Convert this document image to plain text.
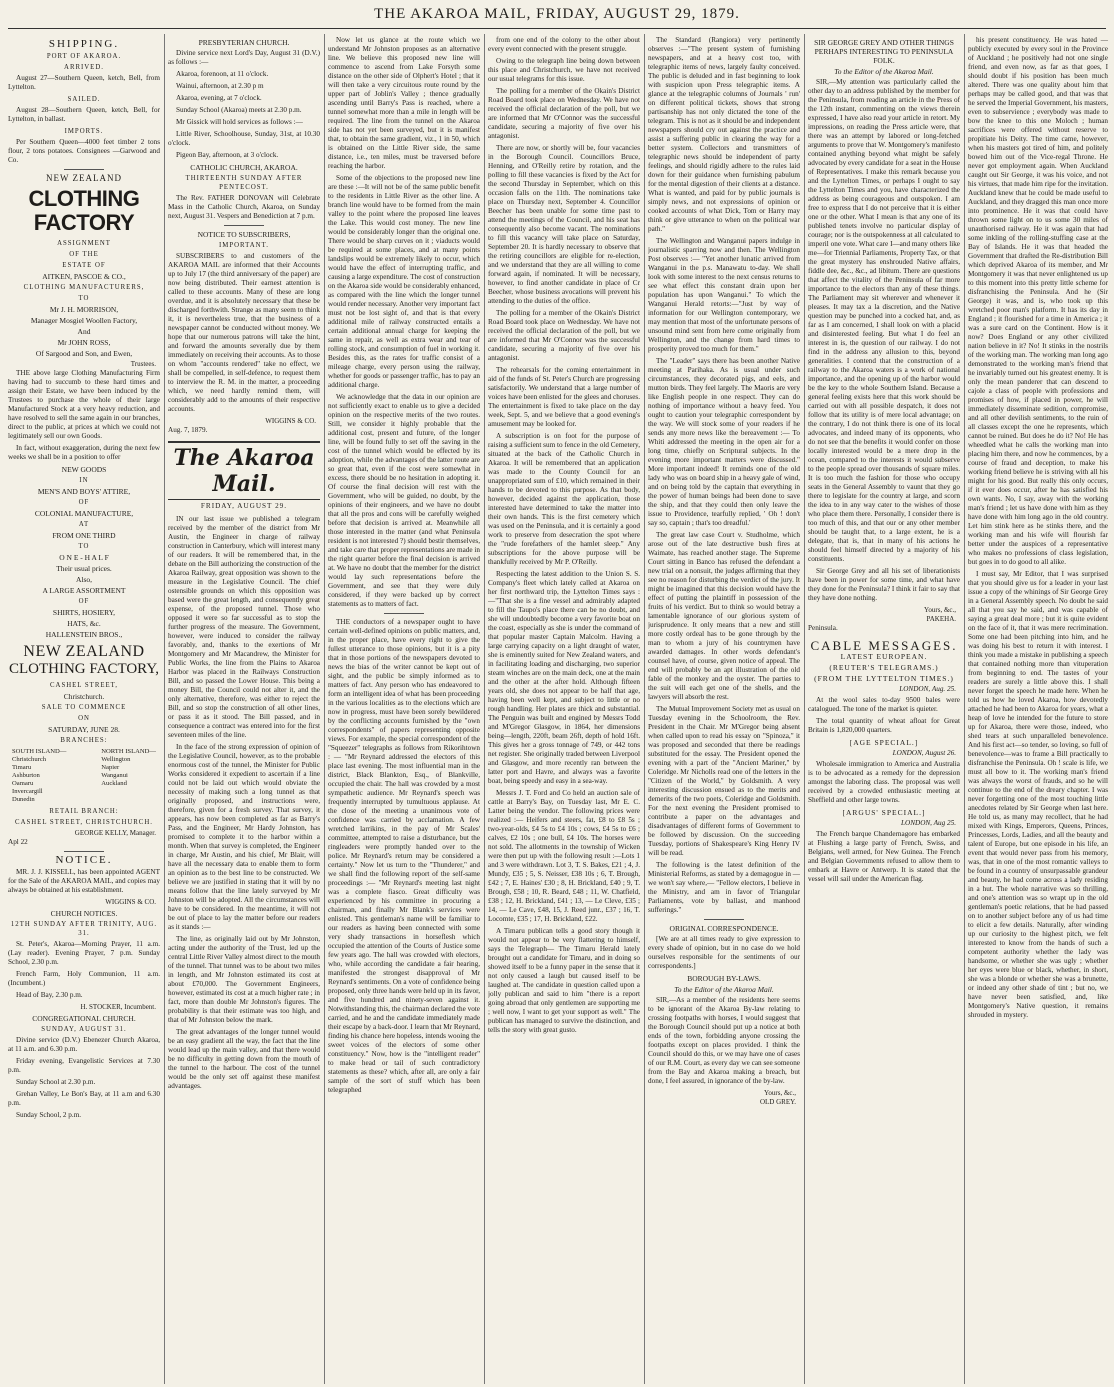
THE AKAROA MAIL, FRIDAY, AUGUST 29, 1879.
SHIPPING.
PORT OF AKAROA.
ARRIVED.

August 27—Southern Queen, ketch, Bell, from Lyttelton.

SAILED.

August 28—Southern Queen, ketch, Bell, for Lyttelton, in ballast.

IMPORTS.

Per Southern Queen—4000 feet timber 2 tons flour, 2 tons potatoes. Consignees —Garwood and Co.

NEW ZEALAND
CLOTHING FACTORY
ASSIGNMENT
OF THE
ESTATE OF
AITKEN, PASCOE & CO.,
CLOTHING MANUFACTURERS,
TO
Mr J. H. MORRISON,
Manager Mosgiel Woollen Factory,
And
Mr JOHN ROSS,
Of Sargood and Son, and Ewen,
Trustees.

THE above large Clothing Manufacturing Firm having had to succumb to these hard times and assign their Estate, we have been induced by the Trustees to purchase the whole of their large Manufactured Stock at a very heavy reduction, and have resolved to sell the same again in our branches, direct to the public, at prices at which we could not legitimately sell our own Goods.

In fact, without exaggeration, during the next few weeks we shall be in a position to offer

NEW GOODS
IN
MEN'S AND BOYS' ATTIRE,
OF
COLONIAL MANUFACTURE,
AT
FROM ONE THIRD
TO
O N E - H A L F
Their usual prices.
Also,
A LARGE ASSORTMENT
OF
SHIRTS, HOSIERY,
HATS, &c.
HALLENSTEIN BROS.,
NEW ZEALAND
CLOTHING FACTORY,
CASHEL STREET,
Christchurch.
SALE TO COMMENCE
ON
SATURDAY, JUNE 28.
BRANCHES:
SOUTH ISLAND—
Christchurch
Timaru
Ashburton
Oamaru
Invercargill
Dunedin
NORTH ISLAND—
Wellington
Napier
Wanganui
Auckland
RETAIL BRANCH:
CASHEL STREET, CHRISTCHURCH.
GEORGE KELLY, Manager.
Apl 22
NOTICE.

MR. J. J. KISSELL, has been appointed AGENT for the Sale of the AKAROA MAIL, and copies may always be obtained at his establishment.

WIGGINS & CO.
CHURCH NOTICES.
12TH SUNDAY AFTER TRINITY, AUG. 31.

St. Peter's, Akaroa—Morning Prayer, 11 a.m. (Lay reader). Evening Prayer, 7 p.m. Sunday School, 2.30 p.m.

French Farm, Holy Communion, 11 a.m. (Incumbent.)

Head of Bay, 2.30 p.m.

H. STOCKER, Incumbent.
CONGREGATIONAL CHURCH.
SUNDAY, AUGUST 31.

Divine service (D.V.) Ebenezer Church Akaroa, at 11 a.m. and 6.30 p.m.

Friday evening, Evangelistic Services at 7.30 p.m.

Sunday School at 2.30 p.m.

Grehan Valley, Le Bon's Bay, at 11 a.m and 6.30 p.m.

Sunday School, 2 p.m.

PRESBYTERIAN CHURCH.

Divine service next Lord's Day, August 31 (D.V.) as follows :—

Akaroa, forenoon, at 11 o'clock.

Wainui, afternoon, at 2.30 p m

Akaroa, evening, at 7 o'clock.

Sunday School (Akaroa) meets at 2.30 p.m.

Mr Gissick will hold services as follows :—

Little River, Schoolhouse, Sunday, 31st, at 10.30 o'clock.

Pigeon Bay, afternoon, at 3 o'clock.

CATHOLIC CHURCH, AKAROA.
THIRTEENTH SUNDAY AFTER PENTECOST.

The Rev. FATHER DONOVAN will Celebrate Mass in the Catholic Church, Akaroa, on Sunday next, August 31. Vespers and Benediction at 7 p.m.

NOTICE TO SUBSCRIBERS,
IMPORTANT.

SUBSCRIBERS to and customers of the AKAROA MAIL are informed that their Accounts up to July 17 (the third anniversary of the paper) are now being distributed. Their earnest attention is called to these accounts. Many of these are long overdue, and it is absolutely necessary that these be discharged forthwith. Strange as many seem to think it, it is nevertheless true, that the business of a newspaper cannot be conducted without money. We hope that our numerous patrons will take the hint, and forward the amounts severally due by them immediately on receiving their accounts. As to those on whom "accounts rendered" take no effect, we shall be compelled, in self-defence, to request them to interview the R. M. in the matter, a proceeding which, we need hardly remind them, will considerably add to the amounts of their respective accounts.

WIGGINS & CO.
Aug. 7, 1879.
The Akaroa Mail.
FRIDAY, AUGUST 29.

IN our last issue we published a telegram received by the member of the district from Mr Austin, the Engineer in charge of railway construction in Canterbury, which will interest many of our readers. It will be remembered that, in the debate on the Bill authorizing the construction of the Akaroa Railway, great opposition was shown to the measure in the Legislative Council. The chief ostensible grounds on which this opposition was based were the great length, and consequently great expense, of the proposed tunnel. Those who opposed it were so far successful as to stop the further progress of the measure. The Government, however, were induced to consider the railway favorably, and, thanks to the exertions of Mr Montgomery and Mr Macandrew, the Minister for Public Works, the line from the Plains to Akaroa Harbor was placed in the Railways Construction Bill, and so passed the Lower House. This being a money Bill, the Council could not alter it, and the only alternative, therefore, was either to reject the Bill, and so stop the construction of all other lines, or pass it as it stood. The Bill passed, and in consequence a contract was entered into for the first seventeen miles of the line.

In the face of the strong expression of opinion of the Legislative Council, however, as to the probable enormous cost of the tunnel, the Minister for Public Works considered it expedient to ascertain if a line could not be laid out which would obviate the necessity of making such a long tunnel as that originally proposed, and instructions were, therefore, given for a fresh survey. That survey, it appears, has now been completed as far as Barry's Pass, and the Engineer, Mr Hardy Johnston, has promised to complete it to the harbor within a month. When that survey is completed, the Engineer in charge, Mr Austin, and his chief, Mr Blair, will have all the necessary data to enable them to form an opinion as to the best line to be constructed. We believe we are justified in stating that it will by no means follow that the line lately surveyed by Mr Johnston will be adopted. All the circumstances will have to be considered. In the meantime, it will not be out of place to lay the matter before our readers as it stands :—

The line, as originally laid out by Mr Johnston, acting under the authority of the Trust, led up the central Little River Valley almost direct to the mouth of the tunnel. That tunnel was to be about two miles in length, and Mr Johnston estimated its cost at about £70,000. The Government Engineers, however, estimated its cost at a much higher rate ; in fact, more than double Mr Johnston's figures. The probability is that their estimate was too high, and that of Mr Johnston below the mark.

The great advantages of the longer tunnel would be an easy gradient all the way, the fact that the line would lead up the main valley, and that there would be no difficulty in getting down from the mouth of the tunnel to the harbour. The cost of the tunnel would be the only set off against these manifest advantages.

Now let us glance at the route which we understand Mr Johnston proposes as an alternative line. We believe this proposed new line will commence to ascend from Lake Forsyth some distance on the other side of Olphert's Hotel ; that it will then take a very circuitous route round by the upper part of Joblin's Valley ; thence gradually ascending until Barry's Pass is reached, where a tunnel somewhat more than a mile in length will be required. The line from the tunnel on the Akaroa side has not yet been surveyed, but it is manifest that, to obtain the same gradient, viz., 1 in 50, which is obtained on the Little River side, the same distance, i.e., ten miles, must be traversed before reaching the harbor.

Some of the objections to the proposed new line are these :—It will not be of the same public benefit to the residents in Little River as the other line. A branch line would have to be formed from the main valley to the point where the proposed line leaves the Lake. This would cost money. The new line would be considerably longer than the original one. There would be sharp curves on it ; viaducts would be required at some places, and at many points landslips would be extremely likely to occur, which would have the effect of interrupting traffic, and causing a large expenditure. The cost of construction on the Akaroa side would be considerably enhanced, as compared with the line which the longer tunnel would render necessary. Another very important fact must not be lost sight of, and that is that every additional mile of railway constructed entails a certain additional annual charge for keeping the same in repair, as well as extra wear and tear of rolling stock, and consumption of fuel in working it. Besides this, as the rates for traffic consist of a mileage charge, every person using the railway, whether for goods or passenger traffic, has to pay an additional charge.

We acknowledge that the data in our opinion are not sufficiently exact to enable us to give a decided opinion on the respective merits of the two routes. Still, we consider it highly probable that the additional cost, present and future, of the longer line, will be found fully to set off the saving in the cost of the tunnel which would be effected by its adoption, while the advantages of the latter route are so great that, even if the cost were somewhat in excess, there should be no hesitation in adopting it. Of course the final decision will rest with the Government, who will be guided, no doubt, by the opinions of their engineers, and we have no doubt that all the pros and cons will be carefully weighed before that decision is arrived at. Meanwhile all those interested in the matter (and what Peninsula resident is not interested ?) should bestir themselves, and take care that proper representations are made in the right quarter before the final decision is arrived at. We have no doubt that the member for the district would lay such representations before the Government, and see that they were duly considered, if they were backed up by correct statements as to matters of fact.

THE conductors of a newspaper ought to have certain well-defined opinions on public matters, and, in the proper place, have every right to give the fullest utterance to those opinions, but it is a pity that in those portions of the newspapers devoted to news the bias of the writer cannot be kept out of sight, and the public be simply informed as to matters of fact. Any person who has endeavored to form an intelligent idea of what has been proceeding in the various localities as to the elections which are now in progress, must have been sorely bewildered by the conflicting accounts furnished by the "own correspondents" of papers representing opposite views. For example, the special correspondent of the "Squeezer" telegraphs as follows from Rikorihtown : — "Mr Reynard addressed the electors of this place last evening. The most influential man in the district, Black Blankton, Esq., of Blankville, occupied the chair. The hall was crowded by a most sympathetic audience. Mr Reynard's speech was frequently interrupted by tumultuous applause. At the close of the meeting a unanimous vote of confidence was carried by acclamation. A few wretched larrikins, in the pay of Mr Scales' committee, attempted to raise a disturbance, but the ringleaders were promptly handed over to the police. Mr Reynard's return may be considered a certainty." Now let us turn to the "Thunderer," and we shall find the following report of the self-same proceedings :— "Mr Reynard's meeting last night was a complete fiasco. Great difficulty was experienced by his committee in procuring a chairman, and finally Mr Blank's services were enlisted. This gentleman's name will be familiar to our readers as having been connected with some very shady transactions in horseflesh which occupied the attention of the Courts of Justice some few years ago. The hall was crowded with electors, who, while according the candidate a fair hearing, manifested the strongest disapproval of Mr Reynard's sentiments. On a vote of confidence being proposed, only three hands were held up in its favor, and five hundred and ninety-seven against it. Notwithstanding this, the chairman declared the vote carried, and he and the candidate immediately made their escape by a back-door. I learn that Mr Reynard, finding his chance here hopeless, intends wooing the sweet voices of the electors of some other constituency." Now, how is the "intelligent reader" to make head or tail of such contradictory statements as these? which, after all, are only a fair sample of the sort of stuff which has been telegraphed

from one end of the colony to the other about every event connected with the present struggle.

Owing to the telegraph line being down between this place and Christchurch, we have not received our usual telegrams for this issue.

The polling for a member of the Okain's District Road Board took place on Wednesday. We have not received the official declaration of the poll, but we are informed that Mr O'Connor was the successful candidate, securing a majority of five over his antagonist.

There are now, or shortly will be, four vacancies in the Borough Council. Councillors Bruce, Henning, and O'Reilly retire by rotation, and the polling to fill these vacancies is fixed by the Act for the second Thursday in September, which on this occasion falls on the 11th. The nominations take place on Thursday next, September 4. Councillor Beecher has been unable for some time past to attend the meetings of the Council, and his seat has consequently also become vacant. The nominations to fill this vacancy will take place on Saturday, September 20. It is hardly necessary to observe that the retiring councillors are eligible for re-election, and we understand that they are all willing to come forward again, if nominated. It will be necessary, however, to find another candidate in place of Cr Beecher, whose business avocations will prevent his attending to the duties of the office.

The polling for a member of the Okain's District Road Board took place on Wednesday. We have not received the official declaration of the poll, but we are informed that Mr O'Connor was the successful candidate, securing a majority of five over his antagonist.

The rehearsals for the coming entertainment in aid of the funds of St. Peter's Church are progressing satisfactorily. We understand that a large number of voices have been enlisted for the glees and choruses. The entertainment is fixed to take place on the day week, Sept. 5, and we believe that a good evening's amusement may be looked for.

A subscription is on foot for the purpose of raising a sufficient sum to fence in the old Cemetery, situated at the back of the Catholic Church in Akaroa. It will be remembered that an application was made to the County Council for an unappropriated sum of £10, which remained in their hands to be devoted to this purpose. As that body, however, decided against the application, those interested have determined to take the matter into their own hands. This is the first cemetery which was used on the Peninsula, and it is certainly a good work to preserve from desecration the spot where the "rude forefathers of the hamlet sleep." Any subscriptions for the above purpose will be thankfully received by Mr P. O'Reilly.

Respecting the latest addition to the Union S. S. Company's fleet which lately called at Akaroa on her first northward trip, the Lyttelton Times says :—"That she is a fine vessel and admirably adapted to fill the Taupo's place there can be no doubt, and she will undoubtedly become a very favorite boat on the coast, especially as she is under the command of that popular master Captain Malcolm. Having a large carrying capacity on a light draught of water, she is eminently suited for New Zealand waters, and in facilitating loading and discharging, two superior steam winches are on the main deck, one at the main and the other at the after hold. Although fifteen years old, she does not appear to be half that age, having been well kept, and subject to little or no rough handling. Her plates are thick and substantial. The Penguin was built and engined by Messrs Todd and M'Gregor Glasgow, in 1864, her dimensions being—length, 220ft, beam 26ft, depth of hold 16ft. This gives her a gross tonnage of 749, or 442 tons net register. She originally traded between Liverpool and Glasgow, and more recently ran between the latter port and Havre, and always was a favorite boat, being speedy and easy in a sea-way.

Messrs J. T. Ford and Co held an auction sale of cattle at Barry's Bay, on Tuesday last, Mr E. C. Latter being the vendor. The following prices were realized :— Heifers and steers, fat, £8 to £8 5s ; two-year-olds, £4 5s to £4 10s ; cows, £4 5s to £6 ; calves, £2 10s ; one bull, £4 10s. The horses were not sold. The allotments in the township of Wicken were then put up with the following result :—Lots 1 and 3 were withdrawn. Lot 3, T. S. Bakes, £21 ; 4, J. Mundy, £35 ; 5, S. Neisser, £38 10s ; 6, T. Brough, £42 ; 7, E. Haines' £30 ; 8, H. Brickland, £40 ; 9, T. Brough, £58 ; 10, R. Beard, £48 ; 11, W. Chatfield, £38 ; 12, H. Brickland, £41 ; 13, — Le Cleve, £35 ; 14, — Le Cave, £48, 15, J. Reed junr., £37 ; 16, T. Locomte, £35 ; 17, H. Brickland, £22.

A Timaru publican tells a good story though it would not appear to be very flattering to himself, says the Telegraph— The Timaru Herald lately brought out a candidate for Timaru, and in doing so showed itself to be a funny paper in the sense that it not only caused a laugh but caused itself to be laughed at. The candidate in question called upon a jolly publican and said to him "there is a report going abroad that only gentlemen are supporting me ; well now, I want to get your support as well." The publican has managed to survive the distinction, and tells the story with great gusto.

The Standard (Rangiora) very pertinently observes :—"The present system of furnishing newspapers, and at a heavy cost too, with telegraphic items of news, largely faulty conceived. The public is deluded and in fast beginning to look with suspicion upon Press telegraphic items. A glance at the telegraphic columns of Journals ' run' on different political tickets, shows that strong partisanship has not only dictated the tone of the telegram. This is not as it should be and independent newspapers should cry out against the practice and assist a suffering public in clearing the way for a better system. Collectors and transmitters of telegraphic news should be independent of party feelings, and should rigidly adhere to the rules laid down for their guidance when furnishing pabulum for the mental digestion of their clients at a distance. What is wanted, and paid for by public journals is simply news, and not expressions of opinion or cooked accounts of what Dick, Tom or Harry may think or give utterance to when on the political war path."

The Wellington and Wanganui papers indulge in journalistic sparring now and then. The Wellington Post observes :— "Yet another lunatic arrived from Wanganui in the p.s. Manawatu to-day. We shall look with some interest to the next census returns to see what effect this constant drain upon her population has upon Wanganui." To which the Wanganui Herald retorts:—"Just by way of information for our Wellington contemporary, we may mention that most of the unfortunate persons of unsound mind sent from here come originally from Wellington, and the change from hard times to prosperity proved too much for them."

The "Leader" says there has been another Native meeting at Parihaka. As is usual under such circumstances, they decorated pigs, and eels, and mutton birds. They feel largely. The Maoris are very like English people in one respect. They can do nothing of importance without a heavy feed. You ought to caution your telegraphic correspondent by the way. We will stock some of your readers if he sends any more news like the bereavement :— To Whiti addressed the meeting in the open air for a long time, chiefly on Scriptural subjects. In the evening more important matters were discussed." More important indeed! It reminds one of the old lady who was on board ship in a heavy gale of wind, and on being told by the captain that everything in the power of human beings had been done to save the ship, and that they could then only leave the issue to Providence, tearfully replied, ' Oh ! don't say so, captain ; that's too dreadful.'

The great law case Court v. Studholme, which arose out of the late destructive bush fires at Waimate, has reached another stage. The Supreme Court sitting in Banco has refused the defendant a new trial on a nonsuit, the judges affirming that they see no reason for disturbing the verdict of the jury. It might be imagined that this decision would have the effect of putting the plaintiff in possession of the fruits of his verdict. But to think so would betray a lamentable ignorance of our glorious system of jurisprudence. It only means that a new and still more costly ordeal has to be gone through by the man to whom a jury of his countrymen have awarded damages. In other words defendant's counsel have, of course, given notice of appeal. The end will probably be an apt illustration of the old fable of the monkey and the oyster. The parties to the suit will each get one of the shells, and the lawyers will absorb the rest.

The Mutual Improvement Society met as usual on Tuesday evening in the Schoolroom, the Rev. President in the Chair. Mr M'Gregor being absent when called upon to read his essay on "Spinoza," it was proposed and seconded that there be readings substituted for the essay. The President opened the evening with a part of the "Ancient Mariner," by Coleridge. Mr Nicholls read one of the letters in the "Citizen of the World," by Goldsmith. A very interesting discussion ensued as to the merits and demerits of the two poets, Coleridge and Goldsmith. For the next evening the President promised to contribute a paper on the advantages and disadvantages of different forms of Government to be followed by discussion. On the succeeding Tuesday, portions of Shakespeare's King Henry IV will be read.

The following is the latest definition of the Ministerial Reforms, as stated by a demagogue in — we won't say where,— "Fellow electors, I believe in the Ministry, and am in favor of Triangular Parliaments, vote by ballast, and manhood sufferings."

ORIGINAL CORRESPONDENCE.

[We are at all times ready to give expression to every shade of opinion, but in no case do we hold ourselves responsible for the sentiments of our correspondents.]

BOROUGH BY-LAWS.
To the Editor of the Akaroa Mail.

SIR,—As a member of the residents here seems to be ignorant of the Akaroa By-law relating to crossing footpaths with horses, I would suggest that the Borough Council should put up a notice at both ends of the town, forbidding anyone crossing the footpaths except on places provided. I think the Council should do this, or we may have one of cases of our R.M. Court, as every day we can see someone from the Bay and Akaroa making a breach, but done, I feel assured, in ignorance of the by-law.

Yours, &c.,
OLD GREY.
SIR GEORGE GREY AND OTHER THINGS PERHAPS INTERESTING TO PENINSULA FOLK.
To the Editor of the Akaroa Mail.

SIR,—My attention was particularly called the other day to an address published by the member for the Peninsula, from reading an article in the Press of the 12th instant, commenting on the views therein expressed, I have also read your article in retort. My impressions, on reading the Press article were, that there was an attempt by labored or long-fetched arguments to prove that W. Montgomery's manifesto contained anything beyond what might be safely advocated by every candidate for a seat in the House of Representatives. I make this remark because you and the Lyttelton Times, or perhaps I ought to say the Lyttelton Times and you, have characterized the address as being courageous and outspoken. I am free to express that I do not perceive that it is either one or the other. What I mean is that any one of its published tenets involve no particular display of courage; nor is the outspokenness at all calculated to imperil one vote. What care I—and many others like me—for Triennial Parliaments, Property Tax, or that the great mystery has enshrouded Native affairs, fiddle dee, &c., &c., ad libitum. There are questions that affect the vitality of the Peninsula of far more importance to the electors than any of these things. The Parliament may sit wherever and whenever it pleases. It may tax a la discretion, and the Native question may be punched into a cocked hat, and, as far as I am concerned, I shall look on with a placid and disinterested feeling. But what I do feel an interest in is, the question of our railway. I do not find in the address any allusion to this, beyond generalities. I contend that the construction of a railway to the Akaroa waters is a work of national importance, and the opening up of the harbor would be the key to the whole Southern Island. Because a general feeling exists here that this work should be carried out with all possible despatch, it does not follow that its utility is of mere local advantage; on the contrary, I do not think there is one of its local advocates, and indeed many of its opponents, who do not see that the benefits it would confer on those locally interested would be a mere drop in the ocean, compared to the interests it would subserve to the people spread over thousands of square miles. It is too much the fashion for those who occupy seats in the General Assembly to vaunt that they go there to legislate for the country at large, and scorn the idea to in any way cater to the wishes of those who place them there. Personally, I consider there is too much of this, and that our or any other member should be taught that, to a large extent, he is a delegate, that is, that in many of his actions he should feel himself directed by a majority of his constituents.

Sir George Grey and all his set of liberationists have been in power for some time, and what have they done for the Peninsula? I think it fair to say that they have done nothing.

Yours, &c.,
PAKEHA.
Peninsula.
CABLE MESSAGES.
LATEST EUROPEAN.
(REUTER'S TELEGRAMS.)
(FROM THE LYTTELTON TIMES.)
LONDON, Aug. 25.

At the wool sales to-day 9500 bales were catalogued. The tone of the market is quieter.

The total quantity of wheat afloat for Great Britain is 1,820,000 quarters.

[AGE SPECIAL.]
LONDON, August 26.

Wholesale immigration to America and Australia is to be advocated as a remedy for the depression amongst the laboring class. The proposal was well received by a crowded enthusiastic meeting at Sheffield and other large towns.

[ARGUS' SPECIAL.]
LONDON, Aug 25.

The French barque Chandernagore has embarked at Flushing a large party of French, Swiss, and Belgians, well armed, for New Guinea. The French and Belgian Governments refused to allow them to embark at Havre or Antwerp. It is stated that the vessel will sail under the American flag.

his present constituency. He was hated — publicly executed by every soul in the Province of Auckland ; he positively had not one single friend, and even now, as far as that goes, I should doubt if his position has been much altered. There was one quality about him that perhaps may be called good, and that was that he served the Imperial Government, his masters, even to subservience ; everybody was made to bow the knee to this one Moloch ; human sacrifices were offered without reserve to propitiate his Deity. The time came, however, when his masters got tired of him, and politely bowed him out of the Vice-regal Throne. He never got employment again. When Auckland caught out Sir George, it was his voice, and not his virtues, that made him ripe for the invitation. Auckland knew that he could be made useful to Auckland, and they dragged this man once more into prominence. He it was that could have thrown some light on to us some 30 miles of unauthorised railway. He it was again that had some inkling of the rolling-stuffing case at the Bay of Islands. He it was that headed the Government that drafted the Re-distribution Bill which deprived Akaroa of its member, and Mr Montgomery it was that never enlightened us up to this moment into this pretty little scheme for disfranchising the Peninsula. And he (Sir George) it was, and is, who took up this wretched poor man's platform. It has its day in England ; it flourished for a time in America ; it was a sure card on the Continent. How is it now? Does England or any other civilized nation believe in it? No! It stinks in the nostrils of the working man. The working man long ago demonstrated to the working man's friend that he invariably turned out his greatest enemy. It is only the mean panderer that can descend to cajole a class of people with professions and promises of how, if placed in power, he will immediately disseminate sedition, compromise, and all other devilish sentiments, to the ruin of all classes except the one he represents, which cannot be ruined. But does he do it? No! He has wheedled what he calls the working man into placing him there, and now he commences, by a course of fraud and deception, to make his working friend believe he is striving with all his might for his good. But really this only occurs, if it ever does occur, after he has satisfied his own wants. No, I say, away with the working man's friend ; let us have done with him as they have done with him long ago in the old country. Let him stink here as he stinks there, and the working man and his wife will flourish far better under the auspices of a representative who makes no professions of class legislation, but goes in to do good to all alike.

I must say, Mr Editor, that I was surprised that you should give us for a leader in your last issue a copy of the whinings of Sir George Grey in a General Assembly speech. No doubt he said all that you say he said, and was capable of saying a great deal more ; but it is quite evident on the face of it, that it was mere recrimination. Some one had been pitching into him, and he was doing his best to return it with interest. I think you made a mistake in publishing a speech that contained nothing more than vituperation from beginning to end. The tastes of your readers are surely a little above this. I shall never forget the speech he made here. When he told us how he loved Akaroa, how devotedly attached he had been to Akaroa for years, what a heap of love he intended for the future to store up for Akaroa, there were those, indeed, who shed tears at such unparalleled benevolence. And his first act—so tender, so loving, so full of benevolence—was to frame a Bill practically to disfranchise the Peninsula. Oh ! scale is life, we must all bow to it. The working man's friend was always the worst of frauds, and so he will continue to the end of the dreary chapter. I was never forgetting one of the most touching little anecdotes related by Sir George when last here. He told us, as many may recollect, that he had mixed with Kings, Emperors, Queens, Princes, Princesses, Lords, Ladies, and all the beauty and talent of Europe, but one episode in his life, an event that would never pass from his memory, was, that in one of the most romantic valleys to be found in a country of unsurpassable grandeur and beauty, he had come across a lady residing in a hut. The whole narrative was so thrilling, and one's attention was so wrapt up in the old gentleman's poetic relations, that he had passed on to another subject before any of us had time to elicit a few details. Naturally, after winding up our curiosity to the highest pitch, we felt interested to know from the hands of such a competent authority whether the lady was handsome, or whether she was ugly ; whether her eyes were blue or black, whether, in short, she was a blonde or whether she was a brunette, or indeed any other shade of tint ; but no, we have never been satisfied, and, like Montgomery's Native question, it remains shrouded in mystery.
